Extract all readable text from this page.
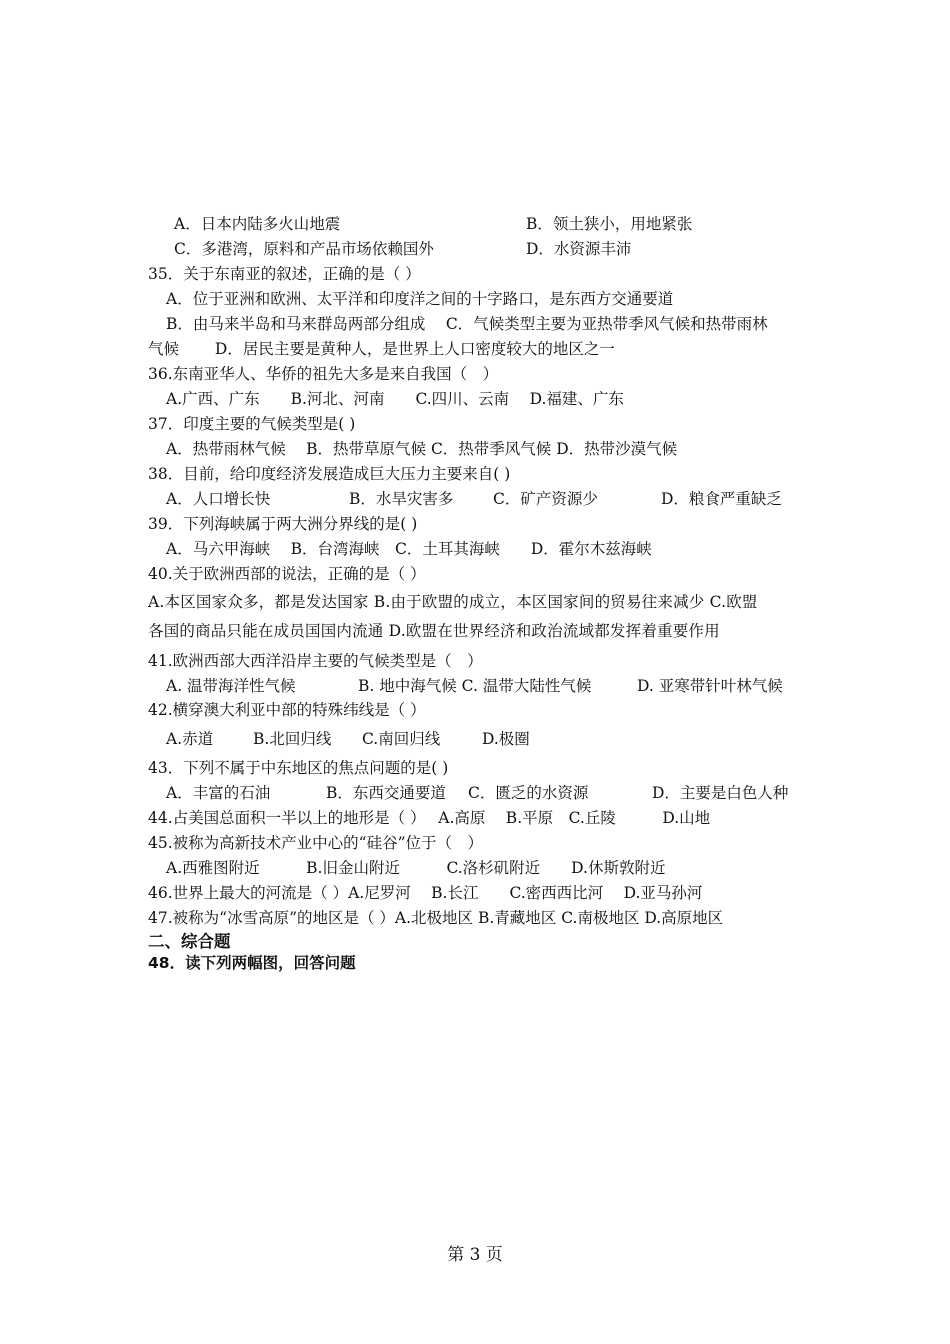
A．日本内陆多火山地震	B．领土狭小，用地紧张
C．多港湾，原料和产品市场依赖国外	D．水资源丰沛
35．关于东南亚的叙述，正确的是（ ）
A．位于亚洲和欧洲、太平洋和印度洋之间的十字路口，是东西方交通要道
B．由马来半岛和马来群岛两部分组成　 C．气候类型主要为亚热带季风气候和热带雨林
气候　　 D．居民主要是黄种人，是世界上人口密度较大的地区之一
36.东南亚华人、华侨的祖先大多是来自我国（　）
A.广西、广东　　B.河北、河南　　C.四川、云南　 D.福建、广东
37．印度主要的气候类型是( )
A．热带雨林气候　 B．热带草原气候 C．热带季风气候 D．热带沙漠气候
38．目前，给印度经济发展造成巨大压力主要来自( )
A．人口增长快	B．水旱灾害多	C．矿产资源少	D．粮食严重缺乏
39．下列海峡属于两大洲分界线的是( )
A．马六甲海峡　 B．台湾海峡　C．土耳其海峡　　D．霍尔木兹海峡
40.关于欧洲西部的说法，正确的是（ ）
A.本区国家众多，都是发达国家 B.由于欧盟的成立，本区国家间的贸易往来减少 C.欧盟
各国的商品只能在成员国国内流通 D.欧盟在世界经济和政治流域都发挥着重要作用
41.欧洲西部大西洋沿岸主要的气候类型是（　）
A. 温带海洋性气候	B. 地中海气候 C. 温带大陆性气候	D. 亚寒带针叶林气候
42.横穿澳大利亚中部的特殊纬线是（ ）
A.赤道	B.北回归线 C.南回归线	D.极圈
43．下列不属于中东地区的焦点问题的是( )
A．丰富的石油	B．东西交通要道 C．匮乏的水资源	D．主要是白色人种
44.占美国总面积一半以上的地形是（ ）　 A.高原　 B.平原　C.丘陵　　　D.山地
45.被称为高新技术产业中心的“硅谷”位于（　）
A.西雅图附近　　　B.旧金山附近　　　C.洛杉矶附近　　D.休斯敦附近
46.世界上最大的河流是（ ）A.尼罗河　 B.长江　　C.密西西比河　 D.亚马孙河
47.被称为“冰雪高原”的地区是（ ）A.北极地区 B.青藏地区 C.南极地区 D.高原地区
二、综合题
48．读下列两幅图，回答问题
第 3 页
